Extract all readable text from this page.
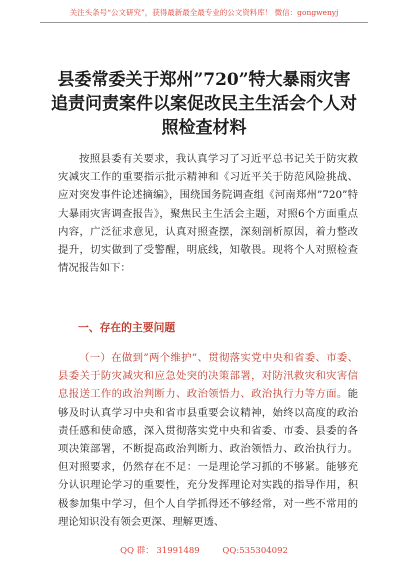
关注头条号“公文研究”，获得最新最全最专业的公文资料库！ 微信：gongwenyj
县委常委关于郑州”720”特大暴雨灾害追责问责案件以案促改民主生活会个人对照检查材料
按照县委有关要求，我认真学习了习近平总书记关于防灾救灾减灾工作的重要指示批示精神和《习近平关于防范风险挑战、应对突发事件论述摘编》，围绕国务院调查组《河南郑州”720”特大暴雨灾害调查报告》，聚焦民主生活会主题，对照6个方面重点内容，广泛征求意见，认真对照查摆，深刻剖析原因，着力整改提升，切实做到了受警醒，明底线，知敬畏。现将个人对照检查情况报告如下：
一、存在的主要问题
（一）在做到”两个维护”、贯彻落实党中央和省委、市委、县委关于防灾减灾和应急处突的决策部署，对防汛救灾和灾害信息报送工作的政治判断力、政治领悟力、政治执行力等方面。能够及时认真学习中央和省市县重要会议精神，始终以高度的政治责任感和使命感，深入贯彻落实党中央和省委、市委、县委的各项决策部署，不断提高政治判断力、政治领悟力、政治执行力。但对照要求，仍然存在不足：一是理论学习抓的不够紧。能够充分认识理论学习的重要性，充分发挥理论对实践的指导作用，积极参加集中学习，但个人自学抓得还不够经常，对一些不常用的理论知识没有领会更深、理解更透、
QQ 群： 31991489	QQ:535304092
